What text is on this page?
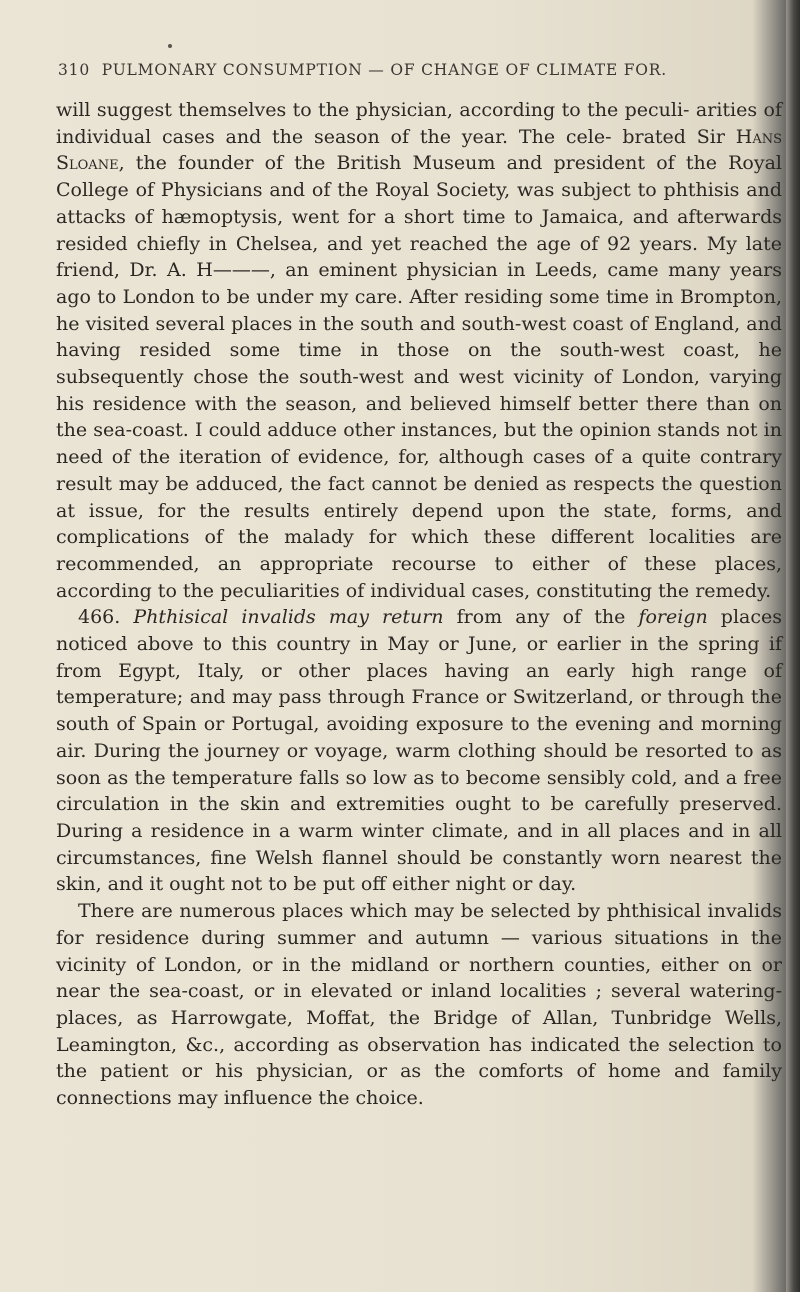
310 PULMONARY CONSUMPTION — OF CHANGE OF CLIMATE FOR.

will suggest themselves to the physician, according to the peculi- arities of individual cases and the season of the year. The cele- brated Sir Hans Sloane, the founder of the British Museum and president of the Royal College of Physicians and of the Royal Society, was subject to phthisis and attacks of hæmoptysis, went for a short time to Jamaica, and afterwards resided chiefly in Chelsea, and yet reached the age of 92 years. My late friend, Dr. A. H———, an eminent physician in Leeds, came many years ago to London to be under my care. After residing some time in Brompton, he visited several places in the south and south-west coast of England, and having resided some time in those on the south-west coast, he subsequently chose the south-west and west vicinity of London, varying his residence with the season, and believed himself better there than on the sea-coast. I could adduce other instances, but the opinion stands not in need of the iteration of evidence, for, although cases of a quite contrary result may be adduced, the fact cannot be denied as respects the question at issue, for the results entirely depend upon the state, forms, and complications of the malady for which these different localities are recommended, an appropriate recourse to either of these places, according to the peculiarities of individual cases, constituting the remedy.

466. Phthisical invalids may return from any of the foreign places noticed above to this country in May or June, or earlier in the spring if from Egypt, Italy, or other places having an early high range of temperature; and may pass through France or Switzerland, or through the south of Spain or Portugal, avoiding exposure to the evening and morning air. During the journey or voyage, warm clothing should be resorted to as soon as the temperature falls so low as to become sensibly cold, and a free circulation in the skin and extremities ought to be carefully preserved. During a residence in a warm winter climate, and in all places and in all circumstances, fine Welsh flannel should be constantly worn nearest the skin, and it ought not to be put off either night or day.

There are numerous places which may be selected by phthisical invalids for residence during summer and autumn — various situations in the vicinity of London, or in the midland or northern counties, either on or near the sea-coast, or in elevated or inland localities ; several watering-places, as Harrowgate, Moffat, the Bridge of Allan, Tunbridge Wells, Leamington, &c., according as observation has indicated the selection to the patient or his physician, or as the comforts of home and family connections may influence the choice.
